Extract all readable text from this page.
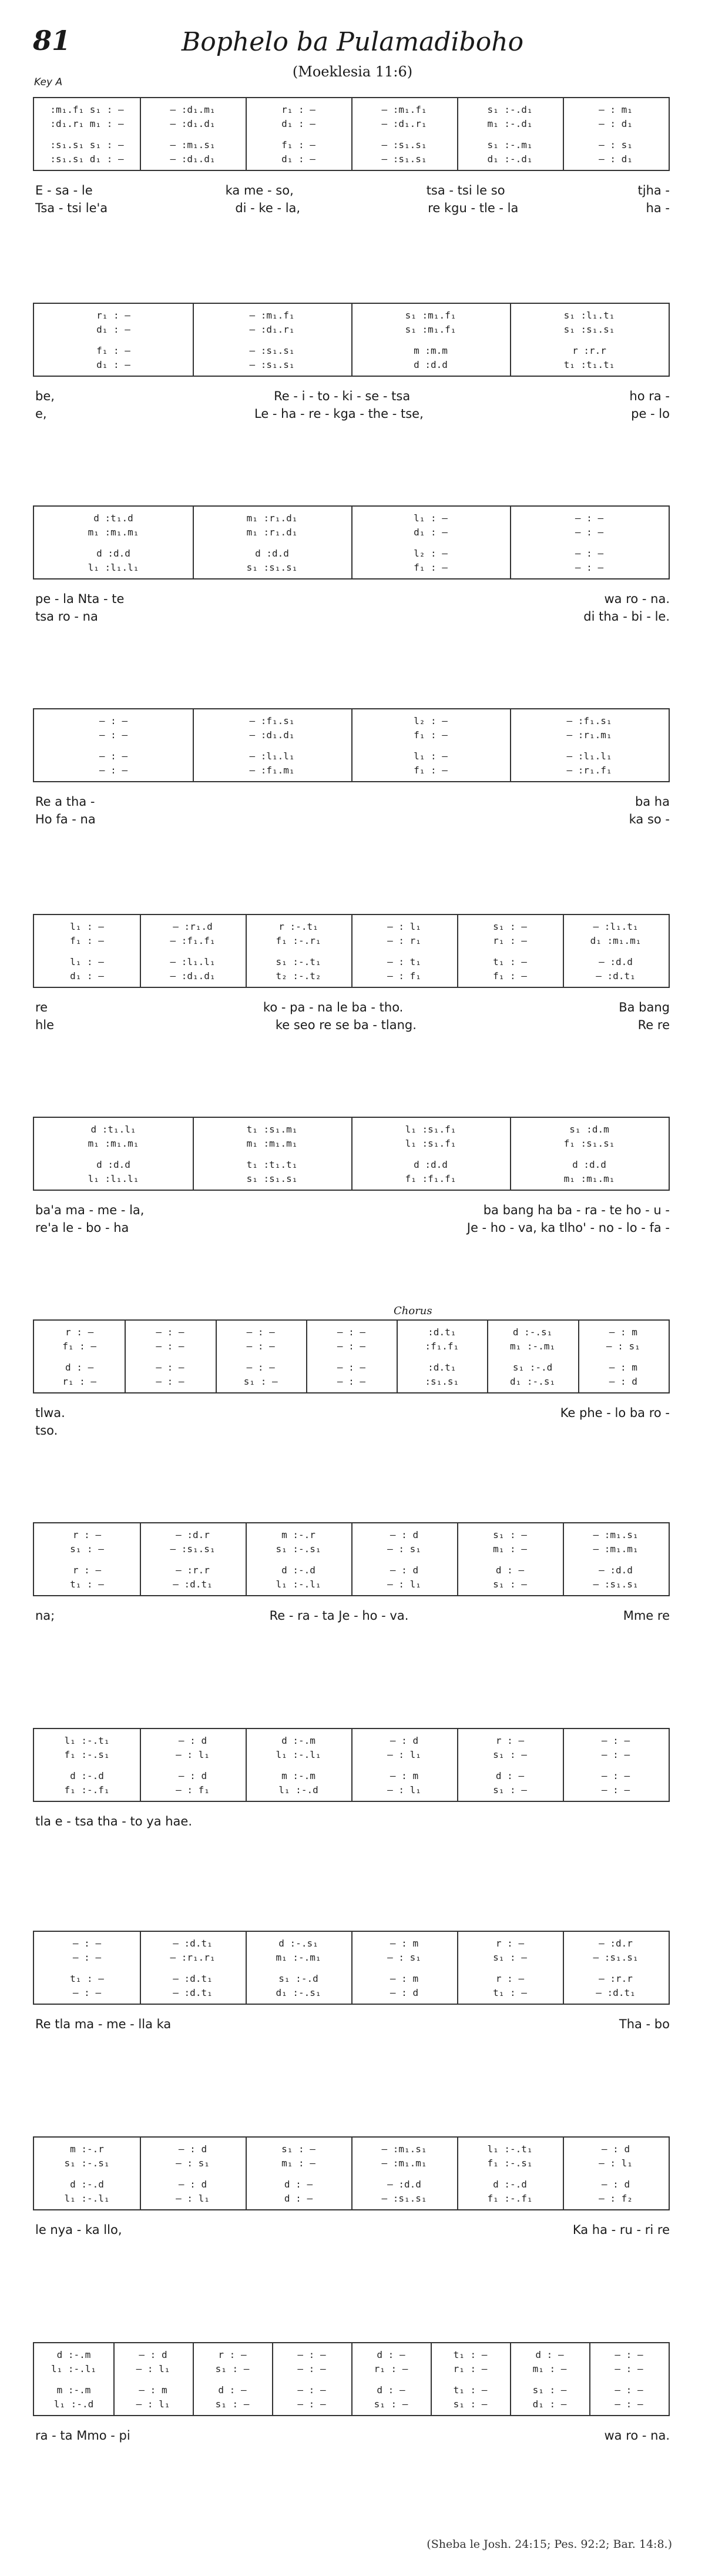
81	Bophelo ba Pulamadiboho
(Moeklesia 11:6)
Key A
Chorus
:m₁.f₁ s₁ : —	— :d₁.m₁	r₁ : —	— :m₁.f₁	s₁ :-.d₁	— : m₁
:d₁.r₁ m₁ : —	— :d₁.d₁	d₁ : —	— :d₁.r₁	m₁ :-.d₁	— : d₁
:s₁.s₁ s₁ : —	— :m₁.s₁	f₁ : —	— :s₁.s₁	s₁ :-.m₁	— : s₁
:s₁.s₁ d₁ : —	— :d₁.d₁	d₁ : —	— :s₁.s₁	d₁ :-.d₁	— : d₁
E - sa - le	ka me - so,	tsa - tsi le so	tjha -
Tsa - tsi le'a	di - ke - la,	re kgu - tle - la	ha -
r₁ : —	— :m₁.f₁	s₁ :m₁.f₁	s₁ :l₁.t₁
d₁ : —	— :d₁.r₁	s₁ :m₁.f₁	s₁ :s₁.s₁
f₁ : —	— :s₁.s₁	m :m.m	r :r.r
d₁ : —	— :s₁.s₁	d :d.d	t₁ :t₁.t₁
be,	Re - i - to - ki - se - tsa	ho ra -
e,	Le - ha - re - kga - the - tse,	pe - lo
d :t₁.d	m₁ :r₁.d₁	l₁ : —	— : —
m₁ :m₁.m₁	m₁ :r₁.d₁	d₁ : —	— : —
d :d.d	d :d.d	l₂ : —	— : —
l₁ :l₁.l₁	s₁ :s₁.s₁	f₁ : —	— : —
pe - la Nta - te	wa ro - na.
tsa ro - na	di tha - bi - le.
— : —	— :f₁.s₁	l₂ : —	— :f₁.s₁
— : —	— :d₁.d₁	f₁ : —	— :r₁.m₁
— : —	— :l₁.l₁	l₁ : —	— :l₁.l₁
— : —	— :f₁.m₁	f₁ : —	— :r₁.f₁
Re a tha -	ba ha
Ho fa - na	ka so -
l₁ : —	— :r₁.d	r :-.t₁	— : l₁	s₁ : —	— :l₁.t₁
f₁ : —	— :f₁.f₁	f₁ :-.r₁	— : r₁	r₁ : —	d₁ :m₁.m₁
l₁ : —	— :l₁.l₁	s₁ :-.t₁	— : t₁	t₁ : —	— :d.d
d₁ : —	— :d₁.d₁	t₂ :-.t₂	— : f₁	f₁ : —	— :d.t₁
re	ko - pa - na le ba - tho.	Ba bang
hle	ke seo re se ba - tlang.	Re re
d :t₁.l₁	t₁ :s₁.m₁	l₁ :s₁.f₁	s₁ :d.m
m₁ :m₁.m₁	m₁ :m₁.m₁	l₁ :s₁.f₁	f₁ :s₁.s₁
d :d.d	t₁ :t₁.t₁	d :d.d	d :d.d
l₁ :l₁.l₁	s₁ :s₁.s₁	f₁ :f₁.f₁	m₁ :m₁.m₁
ba'a ma - me - la,	ba bang ha ba - ra - te ho - u -
re'a le - bo - ha	Je - ho - va, ka tlho' - no - lo - fa -
r : —	— : —	— : —	— : —	:d.t₁	d :-.s₁	— : m
f₁ : —	— : —	— : —	— : —	:f₁.f₁	m₁ :-.m₁	— : s₁
d : —	— : —	— : —	— : —	:d.t₁	s₁ :-.d	— : m
r₁ : —	— : —	s₁ : —	— : —	:s₁.s₁	d₁ :-.s₁	— : d
tlwa.	Ke phe - lo ba ro -
tso.
r : —	— :d.r	m :-.r	— : d	s₁ : —	— :m₁.s₁
s₁ : —	— :s₁.s₁	s₁ :-.s₁	— : s₁	m₁ : —	— :m₁.m₁
r : —	— :r.r	d :-.d	— : d	d : —	— :d.d
t₁ : —	— :d.t₁	l₁ :-.l₁	— : l₁	s₁ : —	— :s₁.s₁
na;	Re - ra - ta Je - ho - va.	Mme re
l₁ :-.t₁	— : d	d :-.m	— : d	r : —	— : —
f₁ :-.s₁	— : l₁	l₁ :-.l₁	— : l₁	s₁ : —	— : —
d :-.d	— : d	m :-.m	— : m	d : —	— : —
f₁ :-.f₁	— : f₁	l₁ :-.d	— : l₁	s₁ : —	— : —
tla e - tsa tha - to ya hae.
— : —	— :d.t₁	d :-.s₁	— : m	r : —	— :d.r
— : —	— :r₁.r₁	m₁ :-.m₁	— : s₁	s₁ : —	— :s₁.s₁
t₁ : —	— :d.t₁	s₁ :-.d	— : m	r : —	— :r.r
— : —	— :d.t₁	d₁ :-.s₁	— : d	t₁ : —	— :d.t₁
Re tla ma - me - lla ka	Tha - bo
m :-.r	— : d	s₁ : —	— :m₁.s₁	l₁ :-.t₁	— : d
s₁ :-.s₁	— : s₁	m₁ : —	— :m₁.m₁	f₁ :-.s₁	— : l₁
d :-.d	— : d	d : —	— :d.d	d :-.d	— : d
l₁ :-.l₁	— : l₁	d : —	— :s₁.s₁	f₁ :-.f₁	— : f₂
le nya - ka llo,	Ka ha - ru - ri re
d :-.m	— : d	r : —	— : —	d : —	t₁ : —	d : —	— : —
l₁ :-.l₁	— : l₁	s₁ : —	— : —	r₁ : —	r₁ : —	m₁ : —	— : —
m :-.m	— : m	d : —	— : —	d : —	t₁ : —	s₁ : —	— : —
l₁ :-.d	— : l₁	s₁ : —	— : —	s₁ : —	s₁ : —	d₁ : —	— : —
ra - ta Mmo - pi	wa ro - na.
(Sheba le Josh. 24:15; Pes. 92:2; Bar. 14:8.)
